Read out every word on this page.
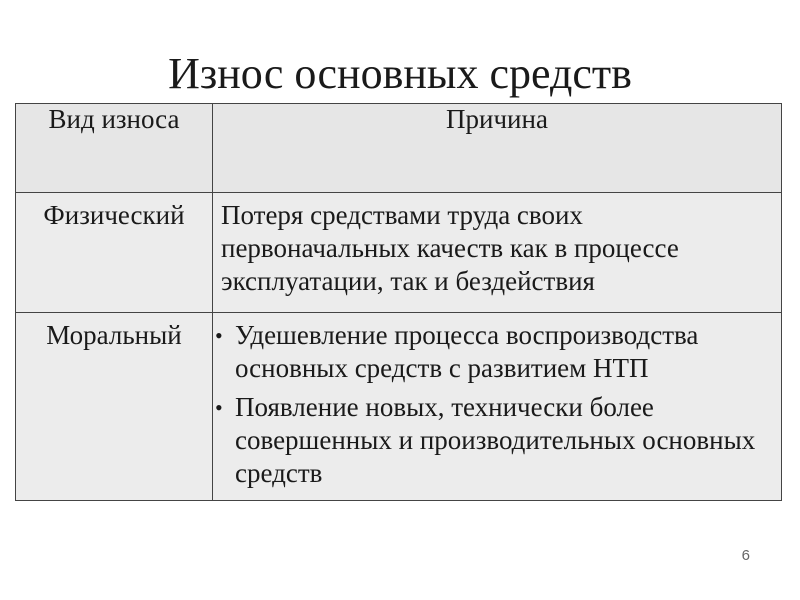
Износ основных средств
Вид износа	Причина
Физический	Потеря средствами труда своих первоначальных качеств как в процессе эксплуатации, так и бездействия
Моральный	• Удешевление процесса воспроизводства основных средств с развитием НТП
• Появление новых, технически более совершенных и производительных основных средств
6
